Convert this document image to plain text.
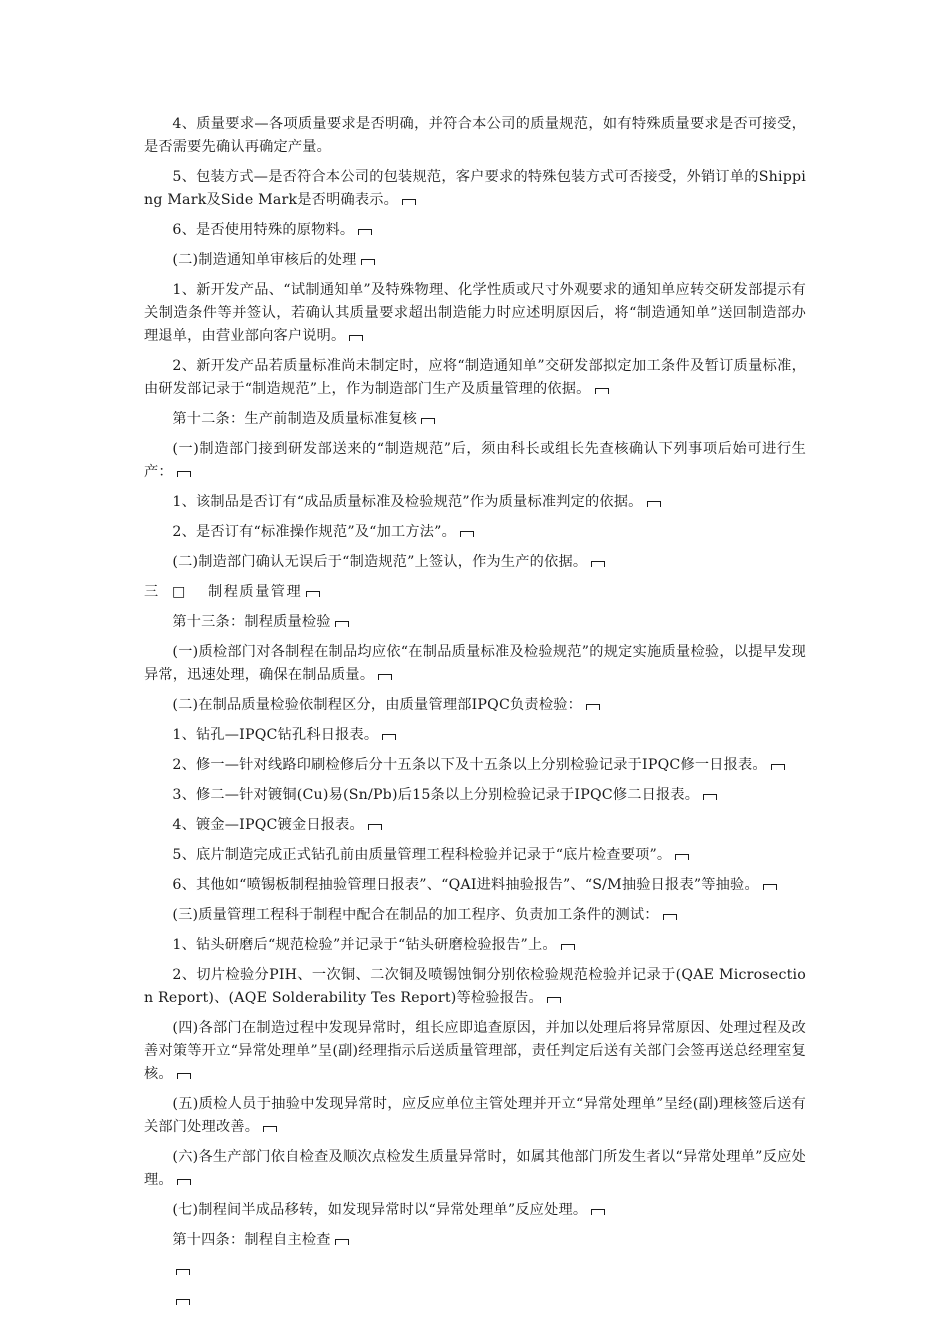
4、质量要求—各项质量要求是否明确，并符合本公司的质量规范，如有特殊质量要求是否可接受，是否需要先确认再确定产量。

5、包装方式—是否符合本公司的包装规范，客户要求的特殊包装方式可否接受，外销订单的Shipping Mark及Side Mark是否明确表示。

6、是否使用特殊的原物料。

(二)制造通知单审核后的处理

1、新开发产品、“试制通知单”及特殊物理、化学性质或尺寸外观要求的通知单应转交研发部提示有关制造条件等并签认，若确认其质量要求超出制造能力时应述明原因后，将“制造通知单”送回制造部办理退单，由营业部向客户说明。

2、新开发产品若质量标准尚未制定时，应将“制造通知单”交研发部拟定加工条件及暂订质量标准，由研发部记录于“制造规范”上，作为制造部门生产及质量管理的依据。

第十二条：生产前制造及质量标准复核

(一)制造部门接到研发部送来的“制造规范”后，须由科长或组长先查核确认下列事项后始可进行生产：

1、该制品是否订有“成品质量标准及检验规范”作为质量标准判定的依据。

2、是否订有“标准操作规范”及“加工方法”。

(二)制造部门确认无误后于“制造规范”上签认，作为生产的依据。

三 □ 制程质量管理

第十三条：制程质量检验

(一)质检部门对各制程在制品均应依“在制品质量标准及检验规范”的规定实施质量检验，以提早发现异常，迅速处理，确保在制品质量。

(二)在制品质量检验依制程区分，由质量管理部IPQC负责检验：

1、钻孔—IPQC钻孔科日报表。

2、修一—针对线路印刷检修后分十五条以下及十五条以上分别检验记录于IPQC修一日报表。

3、修二—针对镀铜(Cu)易(Sn/Pb)后15条以上分别检验记录于IPQC修二日报表。

4、镀金—IPQC镀金日报表。

5、底片制造完成正式钻孔前由质量管理工程科检验并记录于“底片检查要项”。

6、其他如“喷锡板制程抽验管理日报表”、“QAI进料抽验报告”、“S/M抽验日报表”等抽验。

(三)质量管理工程科于制程中配合在制品的加工程序、负责加工条件的测试：

1、钻头研磨后“规范检验”并记录于“钻头研磨检验报告”上。

2、切片检验分PIH、一次铜、二次铜及喷锡蚀铜分别依检验规范检验并记录于(QAE Microsection Report)、(AQE Solderability Tes Report)等检验报告。

(四)各部门在制造过程中发现异常时，组长应即追查原因，并加以处理后将异常原因、处理过程及改善对策等开立“异常处理单”呈(副)经理指示后送质量管理部，责任判定后送有关部门会签再送总经理室复核。

(五)质检人员于抽验中发现异常时，应反应单位主管处理并开立“异常处理单”呈经(副)理核签后送有关部门处理改善。

(六)各生产部门依自检查及顺次点检发生质量异常时，如属其他部门所发生者以“异常处理单”反应处理。

(七)制程间半成品移转，如发现异常时以“异常处理单”反应处理。

第十四条：制程自主检查
